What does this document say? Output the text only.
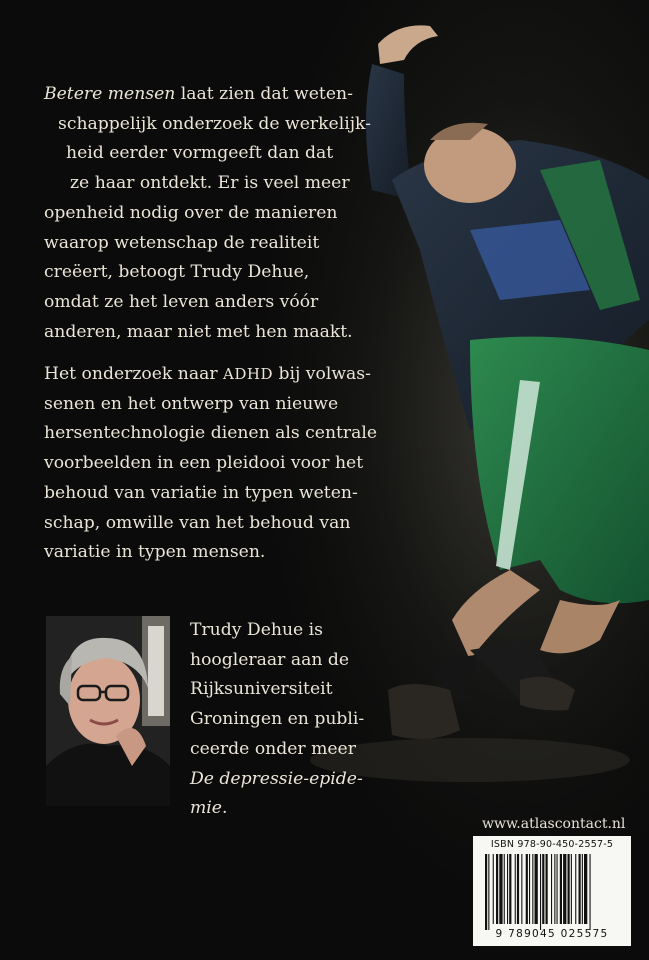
Betere mensen laat zien dat weten-

schappelijk onderzoek de werkelijk-

heid eerder vormgeeft dan dat

ze haar ontdekt. Er is veel meer

openheid nodig over de manieren

waarop wetenschap de realiteit

creëert, betoogt Trudy Dehue,

omdat ze het leven anders vóór

anderen, maar niet met hen maakt.

Het onderzoek naar ADHD bij volwas-

senen en het ontwerp van nieuwe

hersentechnologie dienen als centrale

voorbeelden in een pleidooi voor het

behoud van variatie in typen weten-

schap, omwille van het behoud van

variatie in typen mensen.

Trudy Dehue is

hoogleraar aan de

Rijksuniversiteit

Groningen en publi-

ceerde onder meer

De depressie-epide-

mie.

www.atlascontact.nl
ISBN 978-90-450-2557-5
9 789045 025575
